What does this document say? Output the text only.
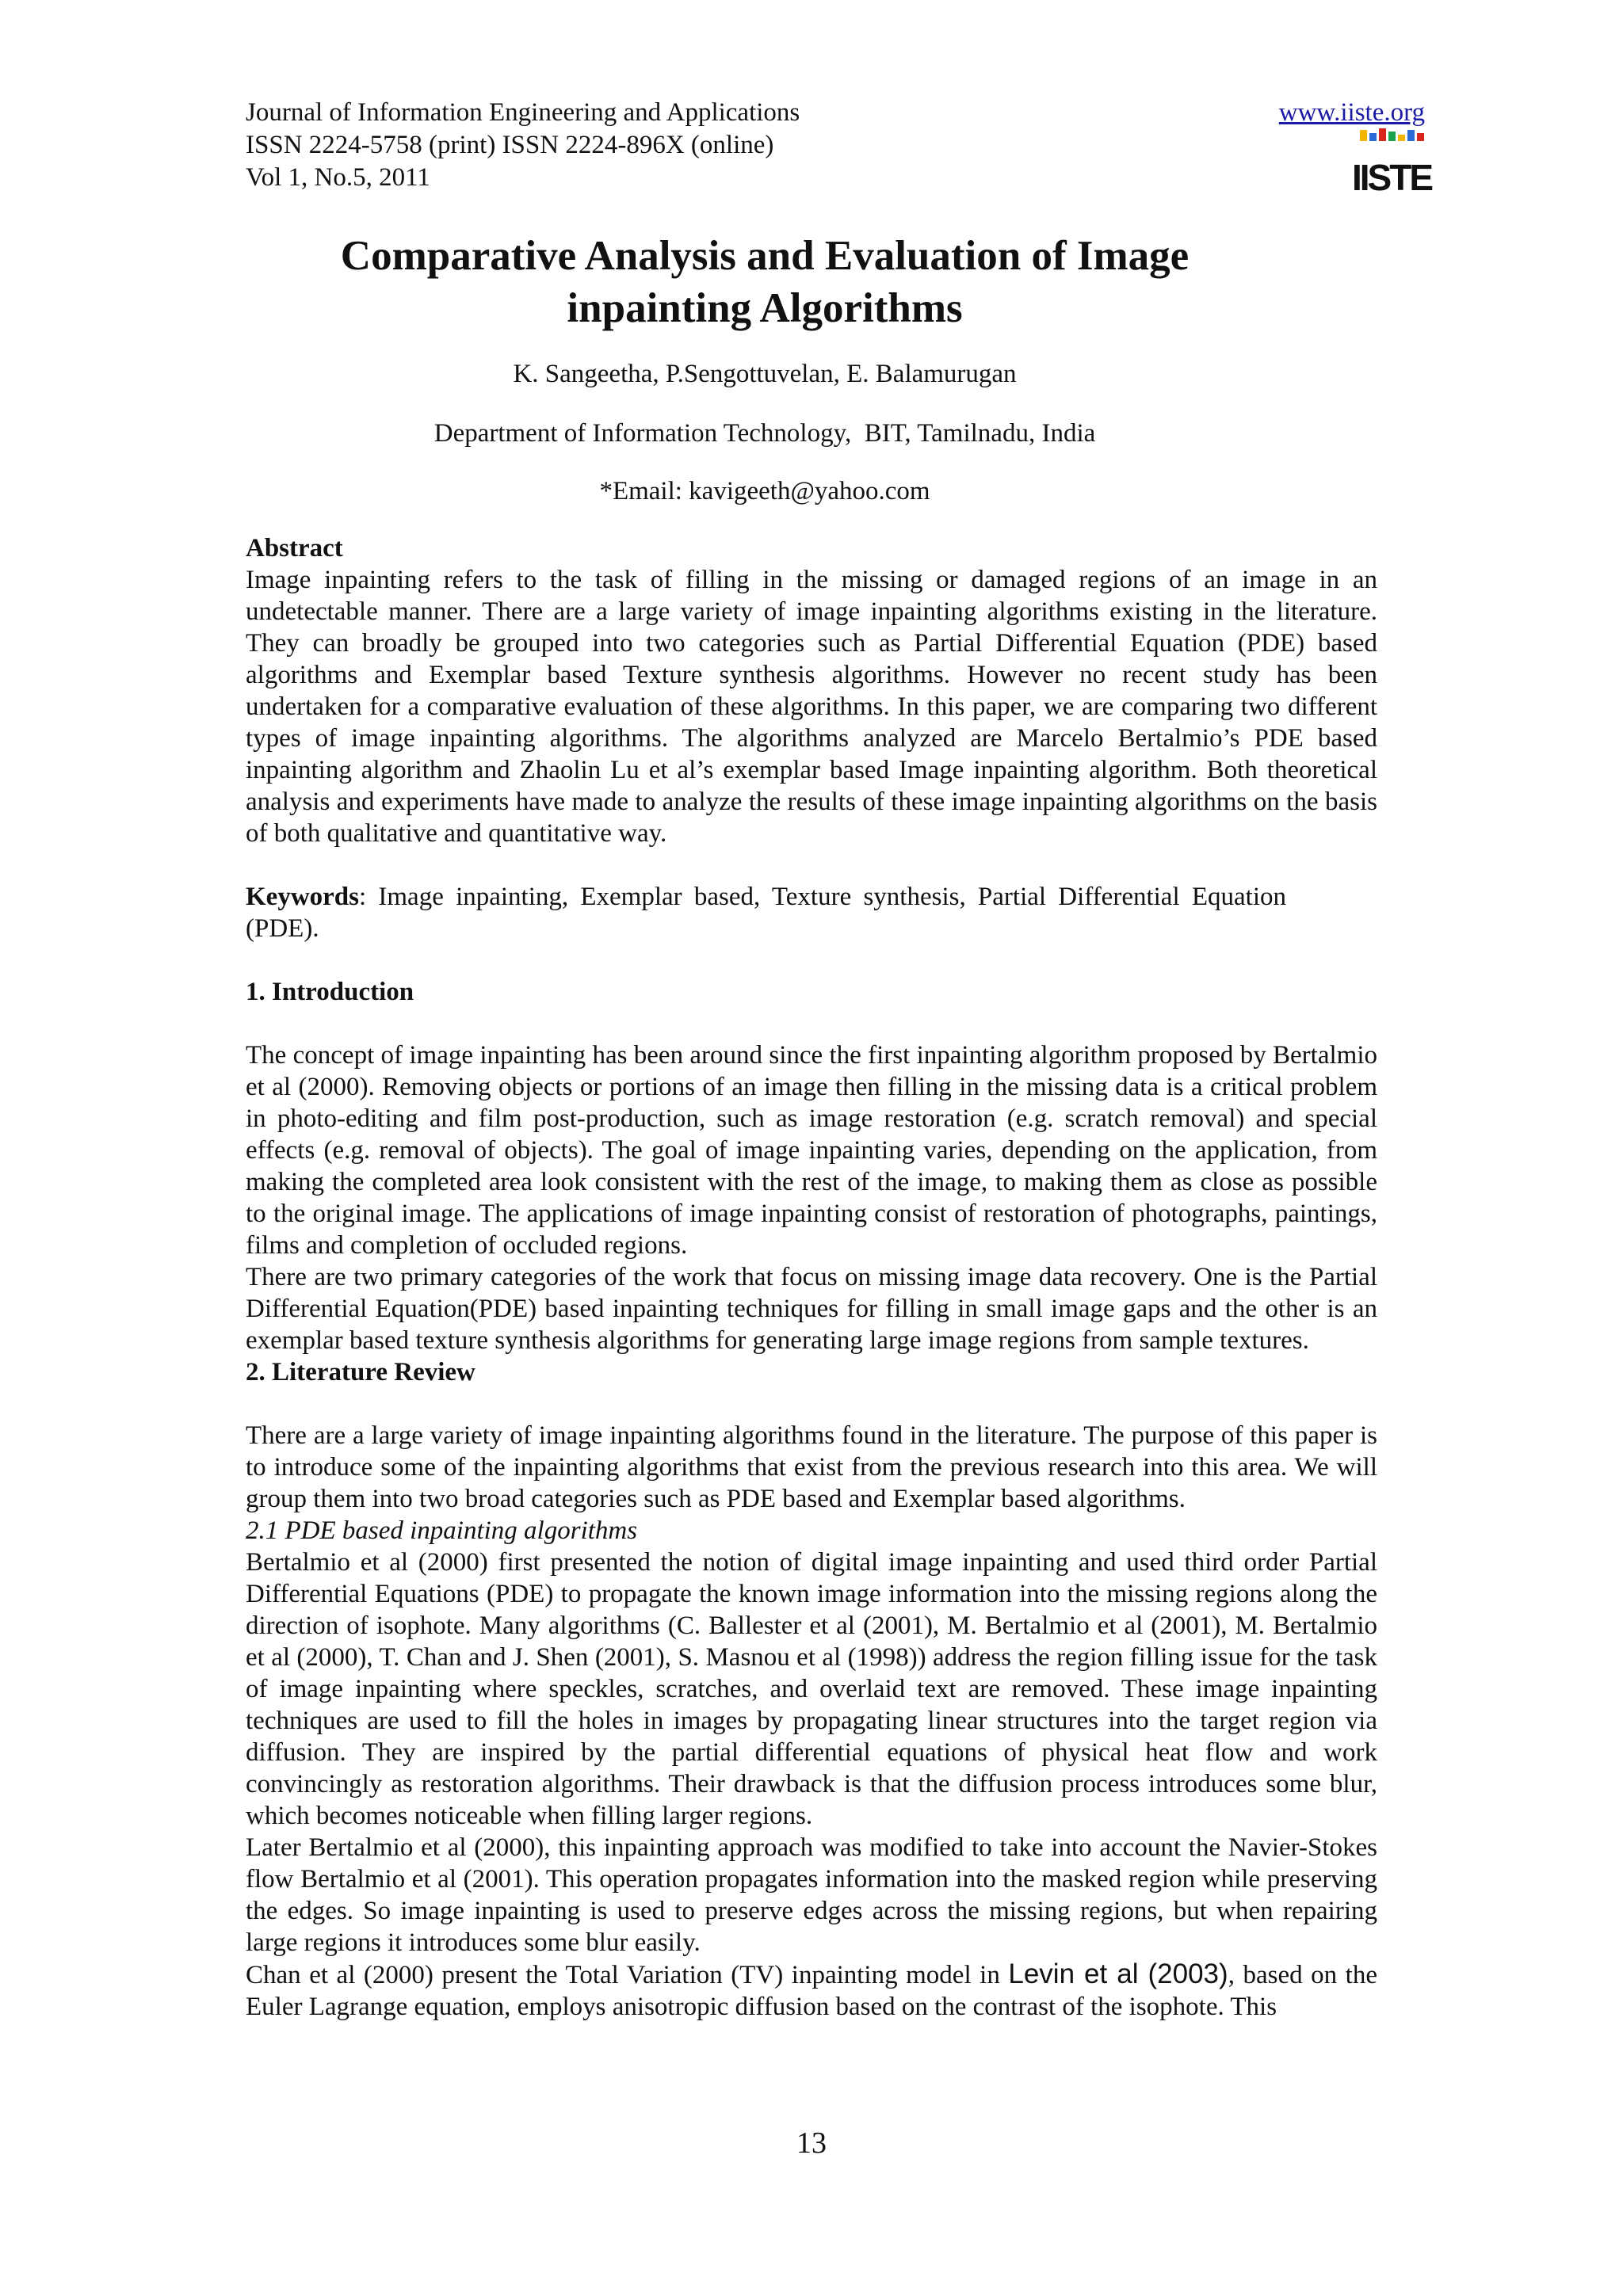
Journal of Information Engineering and Applications
ISSN 2224-5758 (print) ISSN 2224-896X (online)
Vol 1, No.5, 2011
www.iiste.org
IISTE
Comparative Analysis and Evaluation of Image
inpainting Algorithms
K. Sangeetha, P.Sengottuvelan, E. Balamurugan
Department of Information Technology,  BIT, Tamilnadu, India
*Email: kavigeeth@yahoo.com

Abstract

Image inpainting refers to the task of filling in the missing or damaged regions of an image in an undetectable manner. There are a large variety of image inpainting algorithms existing in the literature. They can broadly be grouped into two categories such as Partial Differential Equation (PDE) based algorithms and Exemplar based Texture synthesis algorithms. However no recent study has been undertaken for a comparative evaluation of these algorithms. In this paper, we are comparing two different types of image inpainting algorithms. The algorithms analyzed are Marcelo Bertalmio’s PDE based inpainting algorithm and Zhaolin Lu et al’s exemplar based Image inpainting algorithm. Both theoretical analysis and experiments have made to analyze the results of these image inpainting algorithms on the basis of both qualitative and quantitative way.

Keywords: Image inpainting, Exemplar based, Texture synthesis, Partial Differential Equation (PDE).

1. Introduction

The concept of image inpainting has been around since the first inpainting algorithm proposed by Bertalmio et al (2000). Removing objects or portions of an image then filling in the missing data is a critical problem in photo-editing and film post-production, such as image restoration (e.g. scratch removal) and special effects (e.g. removal of objects). The goal of image inpainting varies, depending on the application, from making the completed area look consistent with the rest of the image, to making them as close as possible to the original image. The applications of image inpainting consist of restoration of photographs, paintings, films and completion of occluded regions.

There are two primary categories of the work that focus on missing image data recovery. One is the Partial Differential Equation(PDE) based inpainting techniques for filling in small image gaps and the other is an exemplar based texture synthesis algorithms for generating large image regions from sample textures.

2. Literature Review

There are a large variety of image inpainting algorithms found in the literature. The purpose of this paper is to introduce some of the inpainting algorithms that exist from the previous research into this area. We will group them into two broad categories such as PDE based and Exemplar based algorithms.

2.1 PDE based inpainting algorithms

Bertalmio et al (2000) first presented the notion of digital image inpainting and used third order Partial Differential Equations (PDE) to propagate the known image information into the missing regions along the direction of isophote. Many algorithms (C. Ballester et al (2001), M. Bertalmio et al (2001), M. Bertalmio et al (2000), T. Chan and J. Shen (2001), S. Masnou et al (1998)) address the region filling issue for the task of image inpainting where speckles, scratches, and overlaid text are removed. These image inpainting techniques are used to fill the holes in images by propagating linear structures into the target region via diffusion. They are inspired by the partial differential equations of physical heat flow and work convincingly as restoration algorithms. Their drawback is that the diffusion process introduces some blur, which becomes noticeable when filling larger regions.

Later Bertalmio et al (2000), this inpainting approach was modified to take into account the Navier-Stokes flow Bertalmio et al (2001). This operation propagates information into the masked region while preserving the edges. So image inpainting is used to preserve edges across the missing regions, but when repairing large regions it introduces some blur easily.

Chan et al (2000) present the Total Variation (TV) inpainting model in Levin et al (2003), based on the Euler Lagrange equation, employs anisotropic diffusion based on the contrast of the isophote. This

13
